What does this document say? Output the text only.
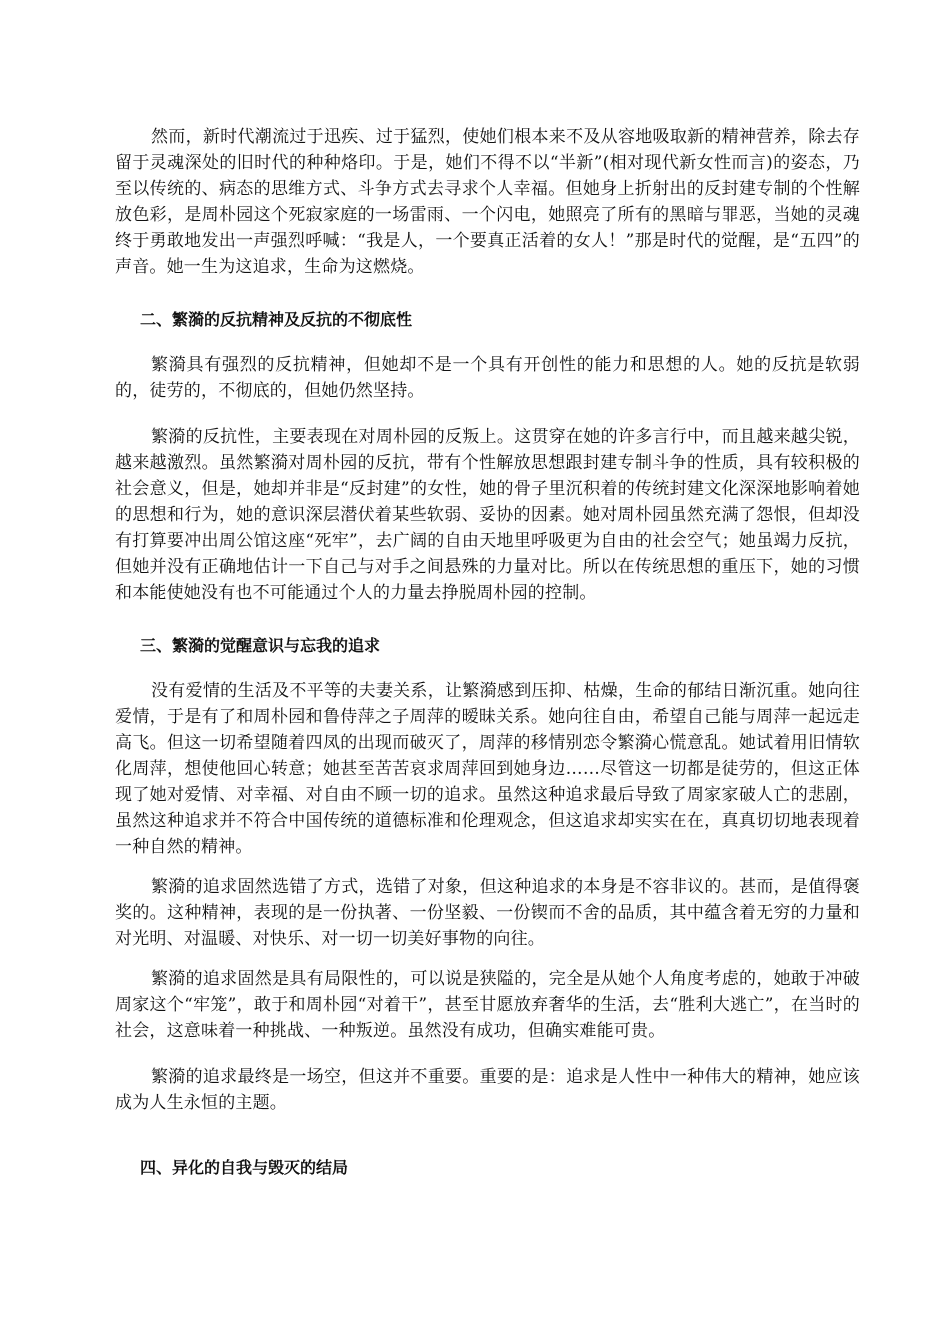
然而，新时代潮流过于迅疾、过于猛烈，使她们根本来不及从容地吸取新的精神营养，除去存留于灵魂深处的旧时代的种种烙印。于是，她们不得不以“半新”(相对现代新女性而言)的姿态，乃至以传统的、病态的思维方式、斗争方式去寻求个人幸福。但她身上折射出的反封建专制的个性解放色彩，是周朴园这个死寂家庭的一场雷雨、一个闪电，她照亮了所有的黑暗与罪恶，当她的灵魂终于勇敢地发出一声强烈呼喊：“我是人，一个要真正活着的女人！”那是时代的觉醒，是“五四”的声音。她一生为这追求，生命为这燃烧。

二、繁漪的反抗精神及反抗的不彻底性

繁漪具有强烈的反抗精神，但她却不是一个具有开创性的能力和思想的人。她的反抗是软弱的，徒劳的，不彻底的，但她仍然坚持。

繁漪的反抗性，主要表现在对周朴园的反叛上。这贯穿在她的许多言行中，而且越来越尖锐，越来越激烈。虽然繁漪对周朴园的反抗，带有个性解放思想跟封建专制斗争的性质，具有较积极的社会意义，但是，她却并非是“反封建”的女性，她的骨子里沉积着的传统封建文化深深地影响着她的思想和行为，她的意识深层潜伏着某些软弱、妥协的因素。她对周朴园虽然充满了怨恨，但却没有打算要冲出周公馆这座“死牢”，去广阔的自由天地里呼吸更为自由的社会空气；她虽竭力反抗，但她并没有正确地估计一下自己与对手之间悬殊的力量对比。所以在传统思想的重压下，她的习惯和本能使她没有也不可能通过个人的力量去挣脱周朴园的控制。

三、繁漪的觉醒意识与忘我的追求

没有爱情的生活及不平等的夫妻关系，让繁漪感到压抑、枯燥，生命的郁结日渐沉重。她向往爱情，于是有了和周朴园和鲁侍萍之子周萍的暧昧关系。她向往自由，希望自己能与周萍一起远走高飞。但这一切希望随着四凤的出现而破灭了，周萍的移情别恋令繁漪心慌意乱。她试着用旧情软化周萍，想使他回心转意；她甚至苦苦哀求周萍回到她身边……尽管这一切都是徒劳的，但这正体现了她对爱情、对幸福、对自由不顾一切的追求。虽然这种追求最后导致了周家家破人亡的悲剧，虽然这种追求并不符合中国传统的道德标准和伦理观念，但这追求却实实在在，真真切切地表现着一种自然的精神。

繁漪的追求固然选错了方式，选错了对象，但这种追求的本身是不容非议的。甚而，是值得褒奖的。这种精神，表现的是一份执著、一份坚毅、一份锲而不舍的品质，其中蕴含着无穷的力量和对光明、对温暖、对快乐、对一切一切美好事物的向往。

繁漪的追求固然是具有局限性的，可以说是狭隘的，完全是从她个人角度考虑的，她敢于冲破周家这个“牢笼”，敢于和周朴园“对着干”，甚至甘愿放弃奢华的生活，去“胜利大逃亡”，在当时的社会，这意味着一种挑战、一种叛逆。虽然没有成功，但确实难能可贵。

繁漪的追求最终是一场空，但这并不重要。重要的是：追求是人性中一种伟大的精神，她应该成为人生永恒的主题。

四、异化的自我与毁灭的结局
